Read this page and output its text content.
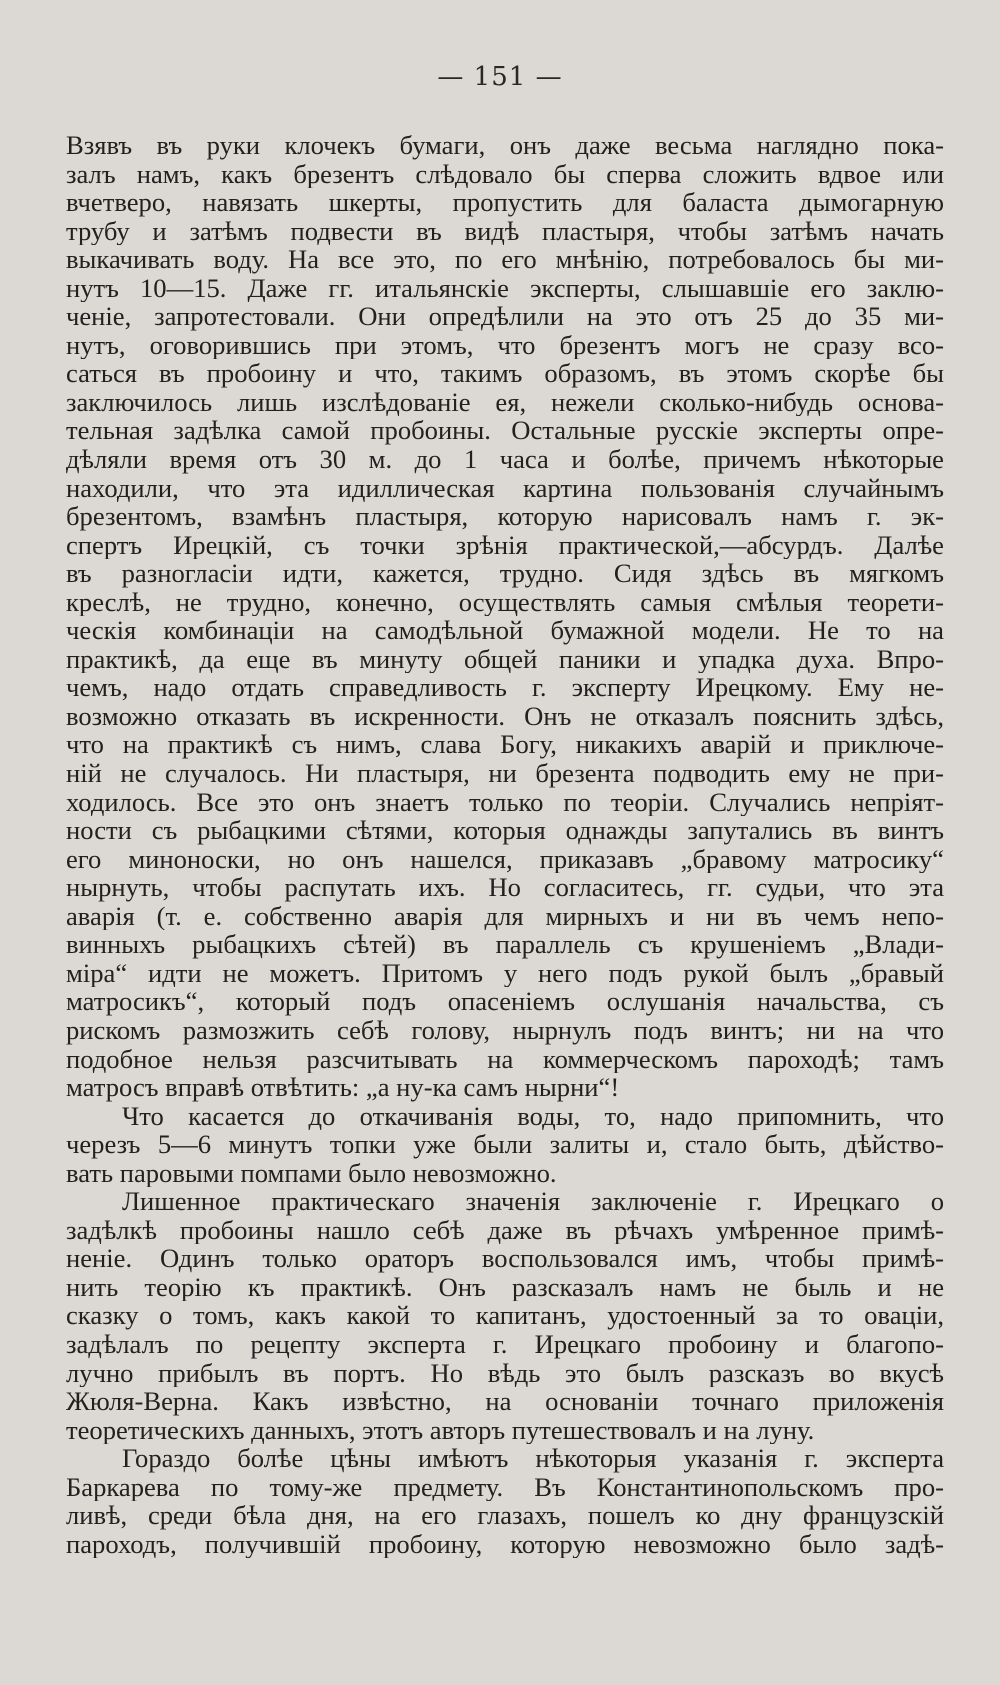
— 151 —
Взявъ въ руки клочекъ бумаги, онъ даже весьма наглядно пока-
залъ намъ, какъ брезентъ слѣдовало бы сперва сложить вдвое или
вчетверо, навязать шкерты, пропустить для баласта дымогарную
трубу и затѣмъ подвести въ видѣ пластыря, чтобы затѣмъ начать
выкачивать воду. На все это, по его мнѣнію, потребовалось бы ми-
нутъ 10—15. Даже гг. итальянскіе эксперты, слышавшіе его заклю-
ченіе, запротестовали. Они опредѣлили на это отъ 25 до 35 ми-
нутъ, оговорившись при этомъ, что брезентъ могъ не сразу всо-
саться въ пробоину и что, такимъ образомъ, въ этомъ скорѣе бы
заключилось лишь изслѣдованіе ея, нежели сколько-нибудь основа-
тельная задѣлка самой пробоины. Остальные русскіе эксперты опре-
дѣляли время отъ 30 м. до 1 часа и болѣе, причемъ нѣкоторые
находили, что эта идиллическая картина пользованія случайнымъ
брезентомъ, взамѣнъ пластыря, которую нарисовалъ намъ г. эк-
спертъ Ирецкій, съ точки зрѣнія практической,—абсурдъ. Далѣе
въ разногласіи идти, кажется, трудно. Сидя здѣсь въ мягкомъ
креслѣ, не трудно, конечно, осуществлять самыя смѣлыя теорети-
ческія комбинаціи на самодѣльной бумажной модели. Не то на
практикѣ, да еще въ минуту общей паники и упадка духа. Впро-
чемъ, надо отдать справедливость г. эксперту Ирецкому. Ему не-
возможно отказать въ искренности. Онъ не отказалъ пояснить здѣсь,
что на практикѣ съ нимъ, слава Богу, никакихъ аварій и приключе-
ній не случалось. Ни пластыря, ни брезента подводить ему не при-
ходилось. Все это онъ знаетъ только по теоріи. Случались непріят-
ности съ рыбацкими сѣтями, которыя однажды запутались въ винтъ
его миноноски, но онъ нашелся, приказавъ „бравому матросику“
нырнуть, чтобы распутать ихъ. Но согласитесь, гг. судьи, что эта
аварія (т. е. собственно аварія для мирныхъ и ни въ чемъ непо-
винныхъ рыбацкихъ сѣтей) въ параллель съ крушеніемъ „Влади-
міра“ идти не можетъ. Притомъ у него подъ рукой былъ „бравый
матросикъ“, который подъ опасеніемъ ослушанія начальства, съ
рискомъ размозжить себѣ голову, нырнулъ подъ винтъ; ни на что
подобное нельзя разсчитывать на коммерческомъ пароходѣ; тамъ
матросъ вправѣ отвѣтить: „а ну-ка самъ нырни“!
Что касается до откачиванія воды, то, надо припомнить, что
черезъ 5—6 минутъ топки уже были залиты и, стало быть, дѣйство-
вать паровыми помпами было невозможно.
Лишенное практическаго значенія заключеніе г. Ирецкаго о
задѣлкѣ пробоины нашло себѣ даже въ рѣчахъ умѣренное примѣ-
неніе. Одинъ только ораторъ воспользовался имъ, чтобы примѣ-
нить теорію къ практикѣ. Онъ разсказалъ намъ не быль и не
сказку о томъ, какъ какой то капитанъ, удостоенный за то оваціи,
задѣлалъ по рецепту эксперта г. Ирецкаго пробоину и благопо-
лучно прибылъ въ портъ. Но вѣдь это былъ разсказъ во вкусѣ
Жюля-Верна. Какъ извѣстно, на основаніи точнаго приложенія
теоретическихъ данныхъ, этотъ авторъ путешествовалъ и на луну.
Гораздо болѣе цѣны имѣютъ нѣкоторыя указанія г. эксперта
Баркарева по тому-же предмету. Въ Константинопольскомъ про-
ливѣ, среди бѣла дня, на его глазахъ, пошелъ ко дну французскій
пароходъ, получившій пробоину, которую невозможно было задѣ-
